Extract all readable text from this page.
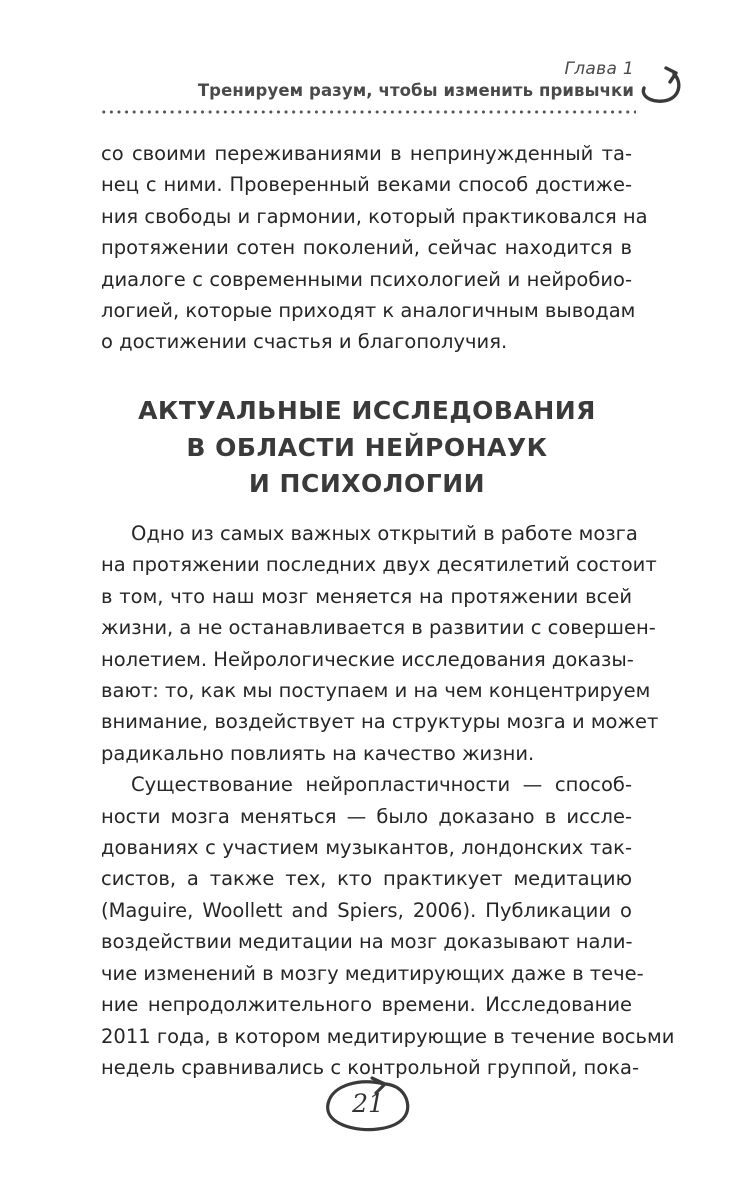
Глава 1
Тренируем разум, чтобы изменить привычки

со своими переживаниями в непринужденный та-
нец с ними. Проверенный веками способ достиже-
ния свободы и гармонии, который практиковался на
протяжении сотен поколений, сейчас находится в
диалоге с современными психологией и нейробио-
логией, которые приходят к аналогичным выводам
о достижении счастья и благополучия.

АКТУАЛЬНЫЕ ИССЛЕДОВАНИЯ
В ОБЛАСТИ НЕЙРОНАУК
И ПСИХОЛОГИИ

Одно из самых важных открытий в работе мозга
на протяжении последних двух десятилетий состоит
в том, что наш мозг меняется на протяжении всей
жизни, а не останавливается в развитии с совершен-
нолетием. Нейрологические исследования доказы-
вают: то, как мы поступаем и на чем концентрируем
внимание, воздействует на структуры мозга и может
радикально повлиять на качество жизни.

Существование нейропластичности — способ-
ности мозга меняться — было доказано в иссле-
дованиях с участием музыкантов, лондонских так-
систов, а также тех, кто практикует медитацию
(Maguire, Woollett and Spiers, 2006). Публикации о
воздействии медитации на мозг доказывают нали-
чие изменений в мозгу медитирующих даже в тече-
ние непродолжительного времени. Исследование
2011 года, в котором медитирующие в течение восьми
недель сравнивались с контрольной группой, пока-

21
